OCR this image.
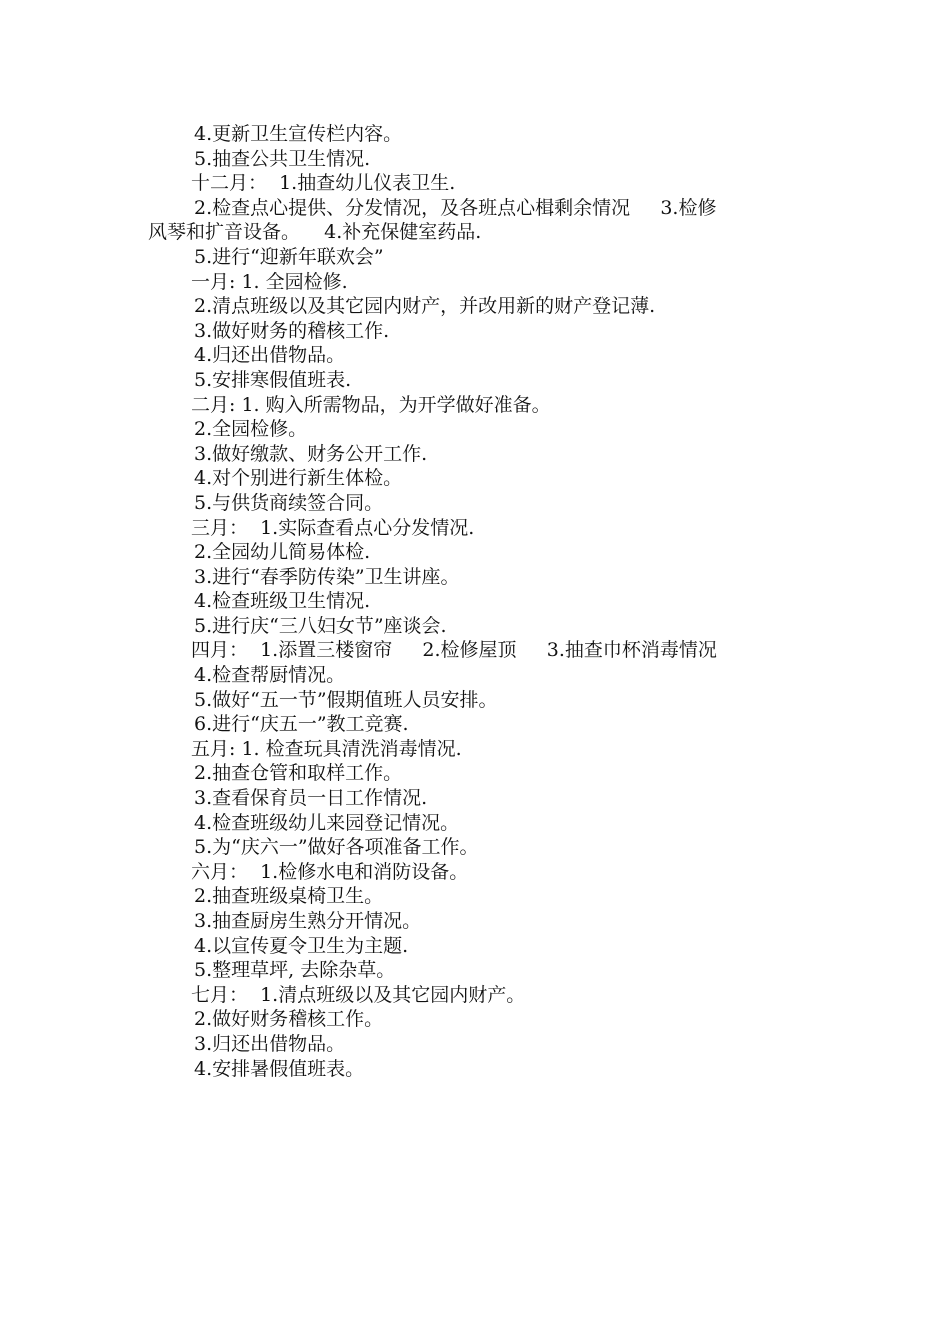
4.更新卫生宣传栏内容。
5.抽查公共卫生情况.
十二月：  1.抽查幼儿仪表卫生.
2.检查点心提供、分发情况，及各班点心楫剩余情况     3.检修
风琴和扩音设备。    4.补充保健室药品.
5.进行“迎新年联欢会”
一月: 1. 全园检修.
2.清点班级以及其它园内财产，并改用新的财产登记薄.
3.做好财务的稽核工作.
4.归还出借物品。
5.安排寒假值班表.
二月: 1. 购入所需物品，为开学做好准备。
2.全园检修。
3.做好缴款、财务公开工作.
4.对个别进行新生体检。
5.与供货商续签合同。
三月：  1.实际查看点心分发情况.
2.全园幼儿简易体检.
3.进行“春季防传染”卫生讲座。
4.检查班级卫生情况.
5.进行庆“三八妇女节”座谈会.
四月：  1.添置三楼窗帘     2.检修屋顶     3.抽查巾杯消毒情况
4.检查帮厨情况。
5.做好“五一节”假期值班人员安排。
6.进行“庆五一”教工竞赛.
五月: 1. 检查玩具清洗消毒情况.
2.抽查仓管和取样工作。
3.查看保育员一日工作情况.
4.检查班级幼儿来园登记情况。
5.为“庆六一”做好各项准备工作。
六月：  1.检修水电和消防设备。
2.抽查班级桌椅卫生。
3.抽查厨房生熟分开情况。
4.以宣传夏令卫生为主题.
5.整理草坪, 去除杂草。
七月：  1.清点班级以及其它园内财产。
2.做好财务稽核工作。
3.归还出借物品。
4.安排暑假值班表。
